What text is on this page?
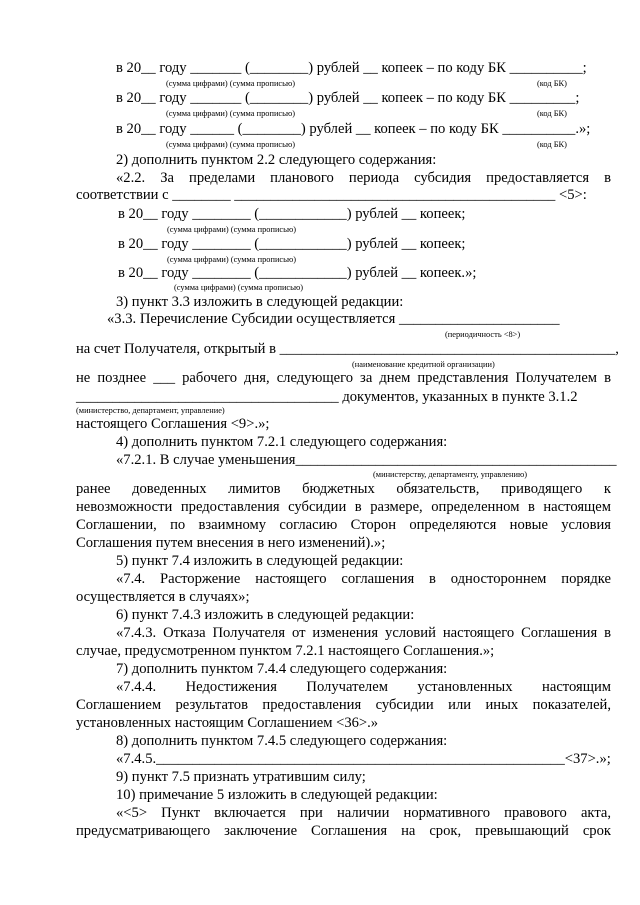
в 20__ году _______ (________) рублей __ копеек – по коду БК __________;
(сумма цифрами) (сумма прописью)	(код БК)
в 20__ году _______ (________) рублей __ копеек – по коду БК _________;
(сумма цифрами) (сумма прописью)	(код БК)
в 20__ году ______ (________) рублей __ копеек – по коду БК __________.»;
(сумма цифрами) (сумма прописью)	(код БК)
2) дополнить пунктом 2.2 следующего содержания:
«2.2. За пределами планового периода субсидия предоставляется в
соответствии с ________ ____________________________________________ <5>:
в 20__ году ________ (____________) рублей __ копеек;
(сумма цифрами) (сумма прописью)
в 20__ году ________ (____________) рублей __ копеек;
(сумма цифрами) (сумма прописью)
в 20__ году ________ (____________) рублей __ копеек.»;
(сумма цифрами) (сумма прописью)
3) пункт 3.3 изложить в следующей редакции:
«3.3. Перечисление Субсидии осуществляется ______________________
(периодичность <8>)
на счет Получателя, открытый в ______________________________________________,
(наименование кредитной организации)
не позднее ___ рабочего дня, следующего за днем представления Получателем в
____________________________________ документов, указанных в пункте 3.1.2
(министерство, департамент, управление)
настоящего Соглашения <9>.»;
4) дополнить пунктом 7.2.1 следующего содержания:
«7.2.1. В случае уменьшения____________________________________________
(министерству, департаменту, управлению)
ранее доведенных лимитов бюджетных обязательств, приводящего к
невозможности предоставления субсидии в размере, определенном в настоящем
Соглашении, по взаимному согласию Сторон определяются новые условия
Соглашения путем внесения в него изменений).»;
5) пункт 7.4 изложить в следующей редакции:
«7.4. Расторжение настоящего соглашения в одностороннем порядке
осуществляется в случаях»;
6) пункт 7.4.3 изложить в следующей редакции:
«7.4.3. Отказа Получателя от изменения условий настоящего Соглашения в
случае, предусмотренном пунктом 7.2.1 настоящего Соглашения.»;
7) дополнить пунктом 7.4.4 следующего содержания:
«7.4.4. Недостижения Получателем установленных настоящим
Соглашением результатов предоставления субсидии или иных показателей,
установленных настоящим Соглашением <36>.»
8) дополнить пунктом 7.4.5 следующего содержания:
«7.4.5.________________________________________________________<37>.»;
9) пункт 7.5 признать утратившим силу;
10) примечание 5 изложить в следующей редакции:
«<5> Пункт включается при наличии нормативного правового акта,
предусматривающего заключение Соглашения на срок, превышающий срок
